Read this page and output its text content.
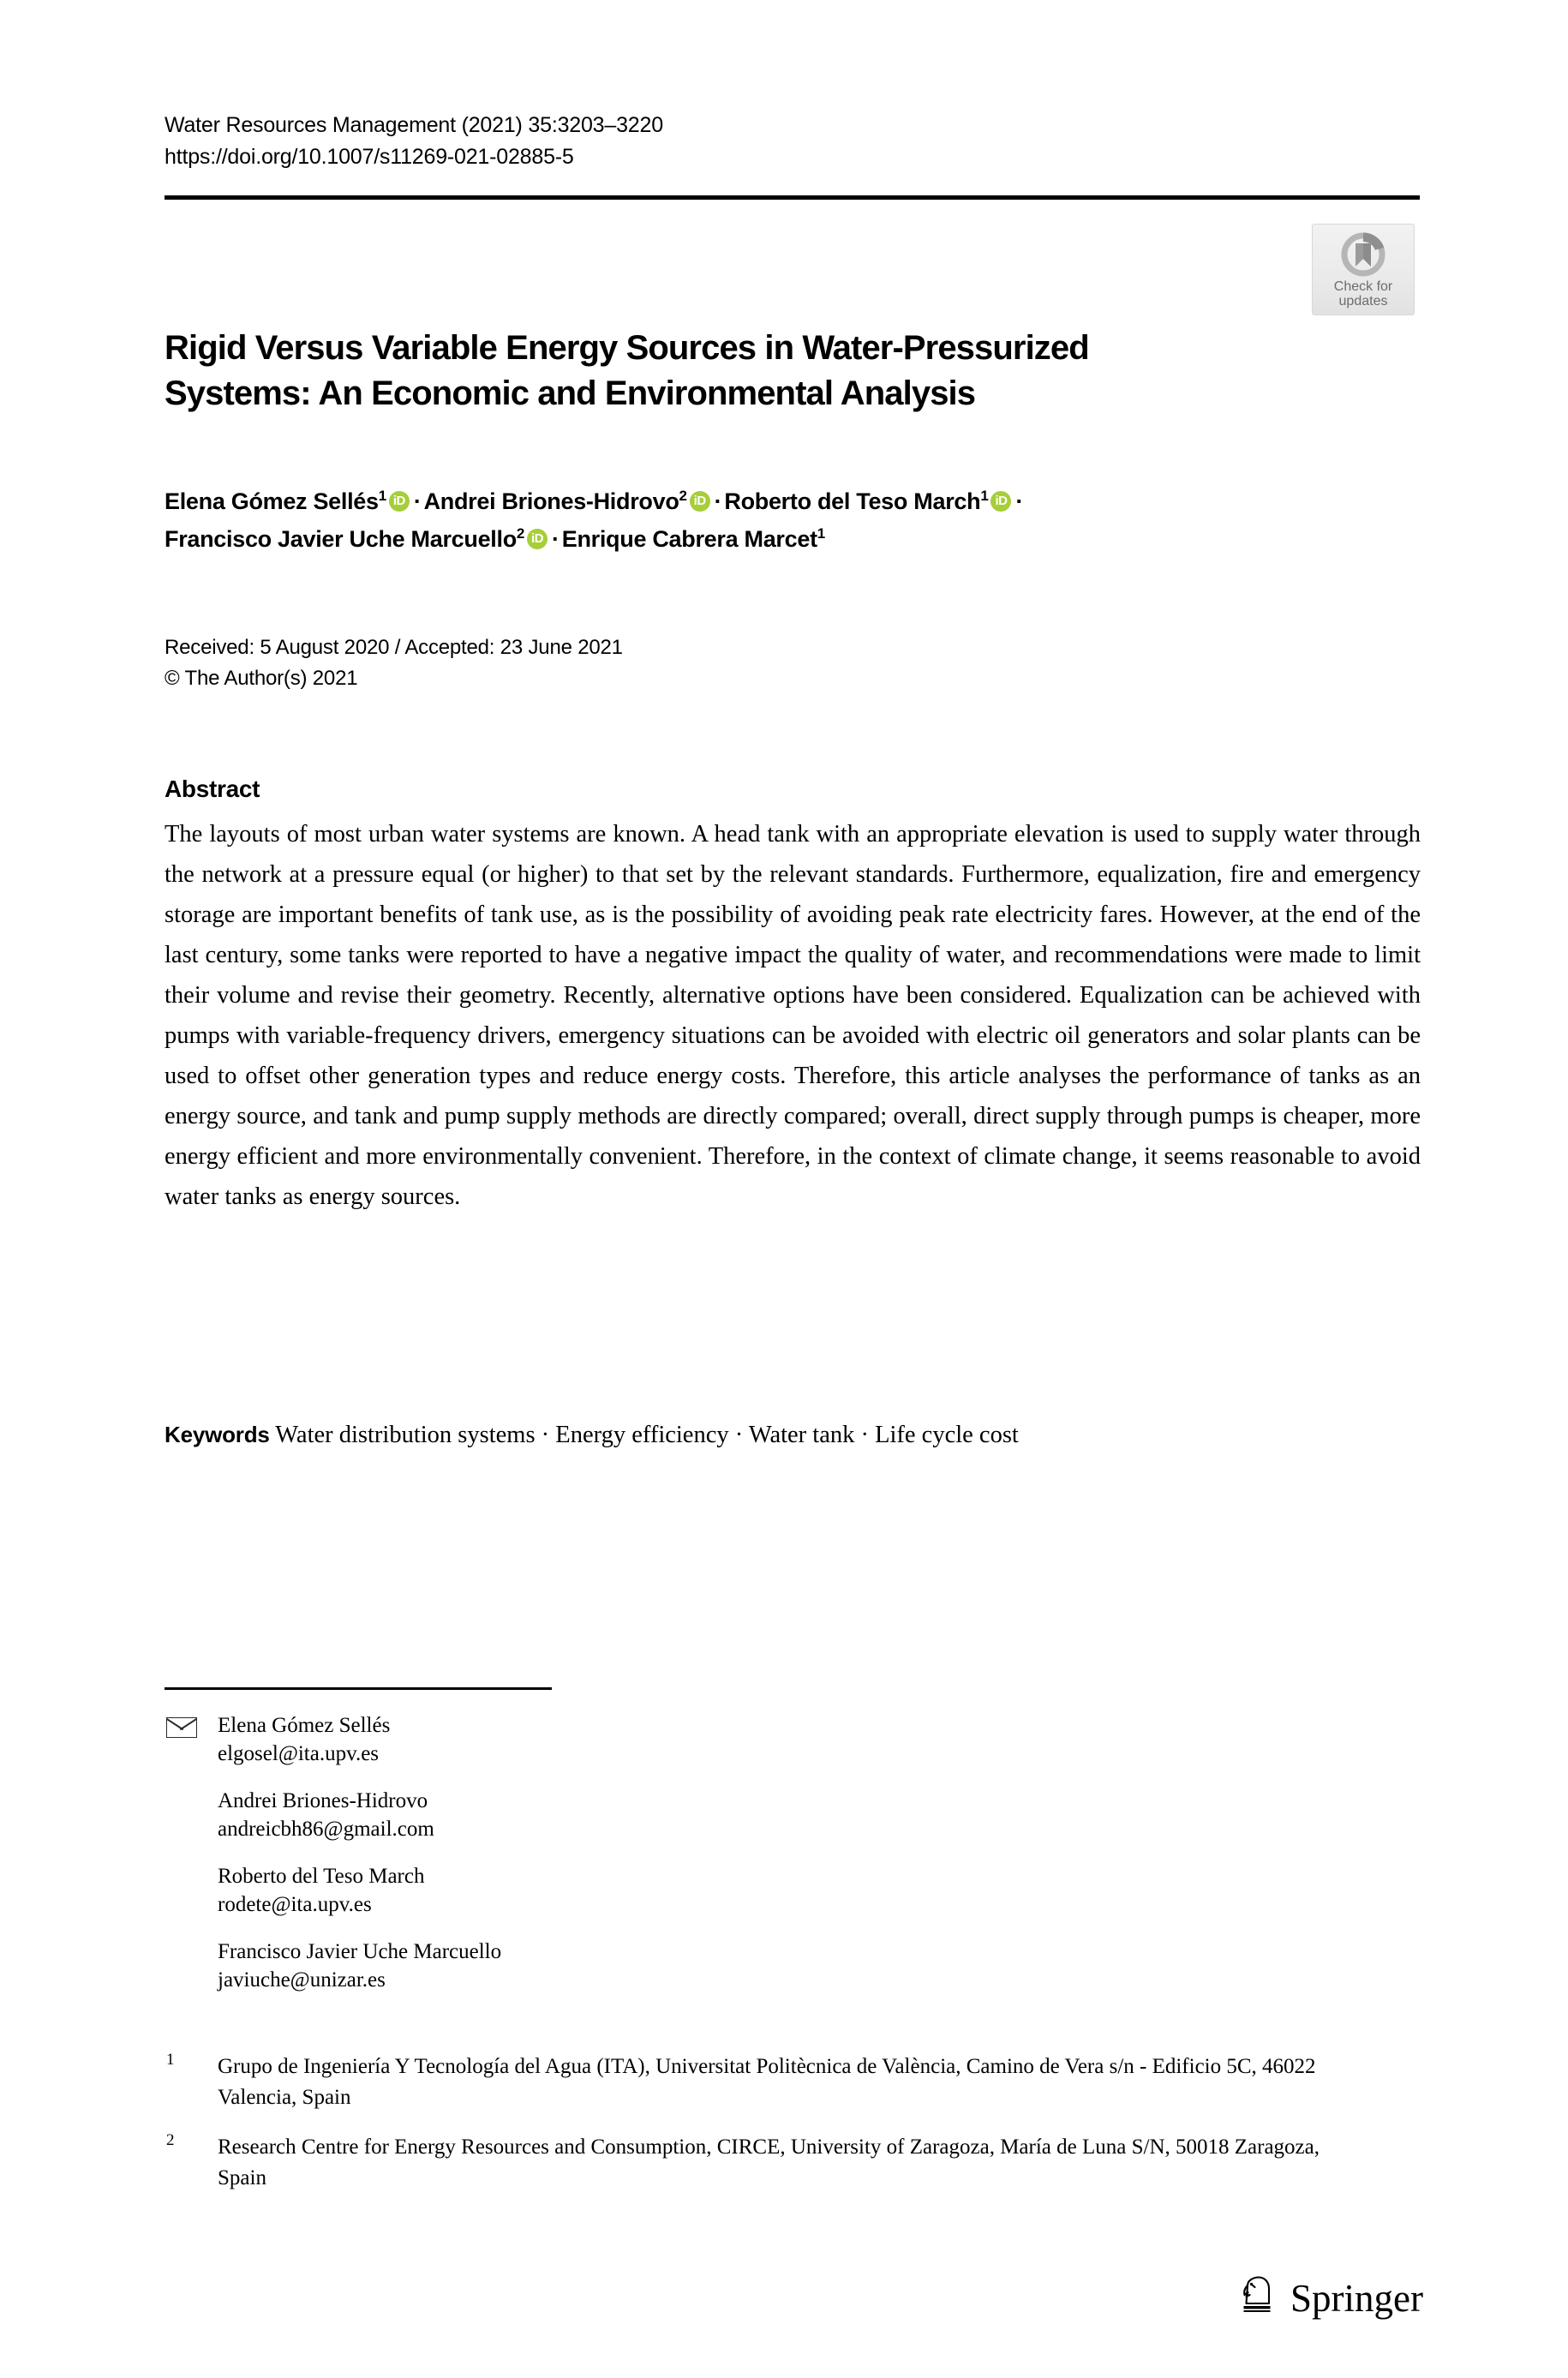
Water Resources Management (2021) 35:3203–3220
https://doi.org/10.1007/s11269-021-02885-5
Check for
updates
Rigid Versus Variable Energy Sources in Water-Pressurized
Systems: An Economic and Environmental Analysis
Elena Gómez Sellés$^1$ iD · Andrei Briones-Hidrovo$^2$ iD · Roberto del Teso March$^1$ iD ·
Francisco Javier Uche Marcuello$^2$ iD · Enrique Cabrera Marcet$^1$
Received: 5 August 2020 / Accepted: 23 June 2021
© The Author(s) 2021
Abstract
The layouts of most urban water systems are known. A head tank with an appropriate elevation is used to supply water through the network at a pressure equal (or higher) to that set by the relevant standards. Furthermore, equalization, fire and emergency storage are important benefits of tank use, as is the possibility of avoiding peak rate electricity fares. However, at the end of the last century, some tanks were reported to have a negative impact the quality of water, and recommendations were made to limit their volume and revise their geometry. Recently, alternative options have been considered. Equalization can be achieved with pumps with variable-frequency drivers, emergency situations can be avoided with electric oil generators and solar plants can be used to offset other generation types and reduce energy costs. Therefore, this article analyses the performance of tanks as an energy source, and tank and pump supply methods are directly compared; overall, direct supply through pumps is cheaper, more energy efficient and more environmentally convenient. Therefore, in the context of climate change, it seems reasonable to avoid water tanks as energy sources.
Keywords Water distribution systems · Energy efficiency · Water tank · Life cycle cost
Elena Gómez Sellés
elgosel@ita.upv.es
Andrei Briones-Hidrovo
andreicbh86@gmail.com
Roberto del Teso March
rodete@ita.upv.es
Francisco Javier Uche Marcuello
javiuche@unizar.es
1 Grupo de Ingeniería Y Tecnología del Agua (ITA), Universitat Politècnica de València, Camino de Vera s/n - Edificio 5C, 46022 Valencia, Spain
2 Research Centre for Energy Resources and Consumption, CIRCE, University of Zaragoza, María de Luna S/N, 50018 Zaragoza, Spain
Springer
